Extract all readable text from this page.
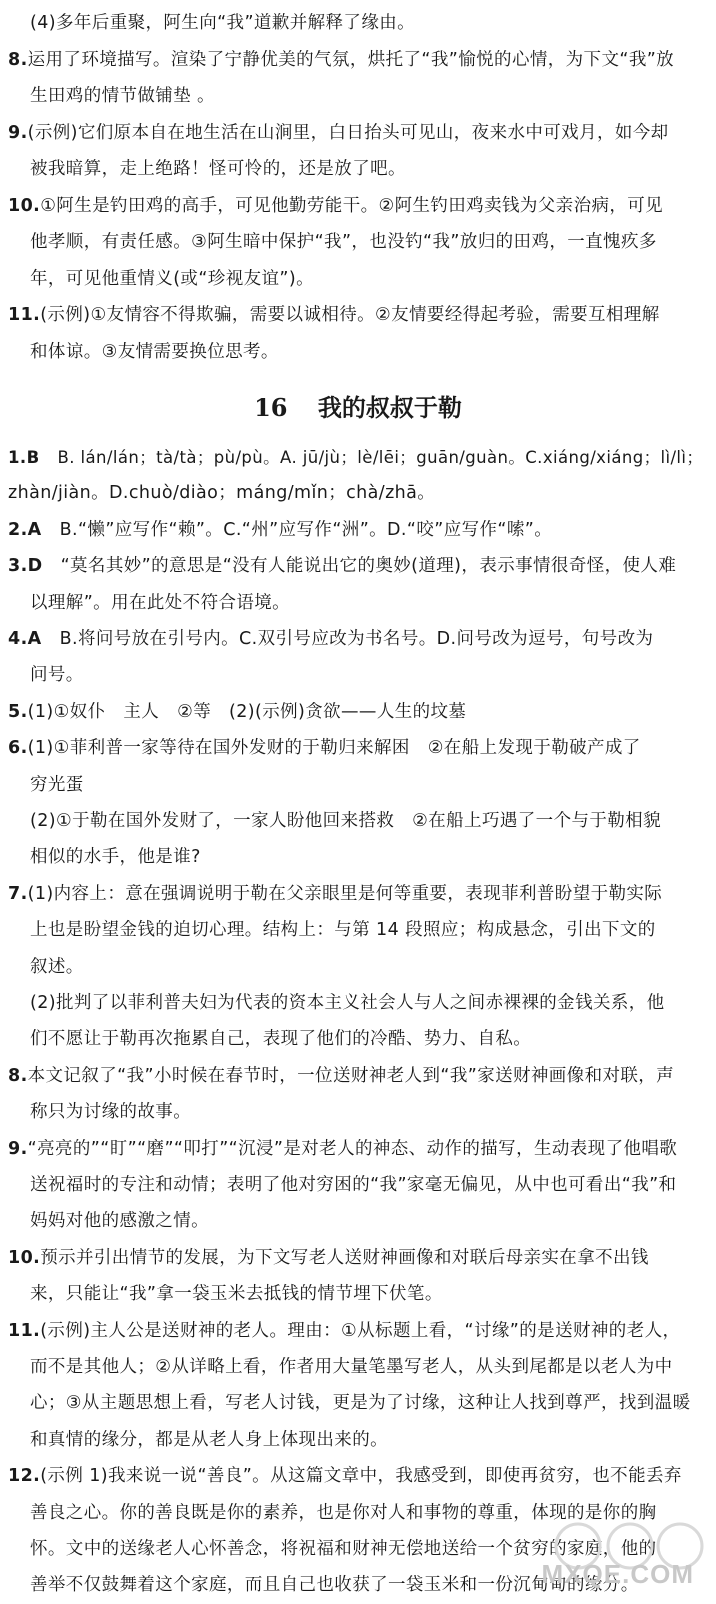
16 我的叔叔于勒

(4)多年后重聚，阿生向“我”道歉并解释了缘由。

8.运用了环境描写。渲染了宁静优美的气氛，烘托了“我”愉悦的心情，为下文“我”放

生田鸡的情节做铺垫 。

9.(示例)它们原本自在地生活在山涧里，白日抬头可见山，夜来水中可戏月，如今却

被我暗算，走上绝路！怪可怜的，还是放了吧。

10.①阿生是钓田鸡的高手，可见他勤劳能干。②阿生钓田鸡卖钱为父亲治病，可见

他孝顺，有责任感。③阿生暗中保护“我”，也没钓“我”放归的田鸡，一直愧疚多

年，可见他重情义(或“珍视友谊”)。

11.(示例)①友情容不得欺骗，需要以诚相待。②友情要经得起考验，需要互相理解

和体谅。③友情需要换位思考。

1.B B. lán/lán；tà/tà；pù/pù。A. jū/jù；lè/lēi；guān/guàn。C.xiáng/xiáng；lì/lì；

zhàn/jiàn。D.chuò/diào；máng/mǐn；chà/zhā。

2.A B.“懒”应写作“赖”。C.“州”应写作“洲”。D.“咬”应写作“嗦”。

3.D “莫名其妙”的意思是“没有人能说出它的奥妙(道理)，表示事情很奇怪，使人难

以理解”。用在此处不符合语境。

4.A B.将问号放在引号内。C.双引号应改为书名号。D.问号改为逗号，句号改为

问号。

5.(1)①奴仆　主人　②等　(2)(示例)贪欲——人生的坟墓

6.(1)①菲利普一家等待在国外发财的于勒归来解困　②在船上发现于勒破产成了

穷光蛋

(2)①于勒在国外发财了，一家人盼他回来搭救　②在船上巧遇了一个与于勒相貌

相似的水手，他是谁?

7.(1)内容上：意在强调说明于勒在父亲眼里是何等重要，表现菲利普盼望于勒实际

上也是盼望金钱的迫切心理。结构上：与第 14 段照应；构成悬念，引出下文的

叙述。

(2)批判了以菲利普夫妇为代表的资本主义社会人与人之间赤裸裸的金钱关系，他

们不愿让于勒再次拖累自己，表现了他们的冷酷、势力、自私。

8.本文记叙了“我”小时候在春节时，一位送财神老人到“我”家送财神画像和对联，声

称只为讨缘的故事。

9.“亮亮的”“盯”“磨”“叩打”“沉浸”是对老人的神态、动作的描写，生动表现了他唱歌

送祝福时的专注和动情；表明了他对穷困的“我”家毫无偏见，从中也可看出“我”和

妈妈对他的感激之情。

10.预示并引出情节的发展，为下文写老人送财神画像和对联后母亲实在拿不出钱

来，只能让“我”拿一袋玉米去抵钱的情节埋下伏笔。

11.(示例)主人公是送财神的老人。理由：①从标题上看，“讨缘”的是送财神的老人，

而不是其他人；②从详略上看，作者用大量笔墨写老人，从头到尾都是以老人为中

心；③从主题思想上看，写老人讨钱，更是为了讨缘，这种让人找到尊严，找到温暖

和真情的缘分，都是从老人身上体现出来的。

12.(示例 1)我来说一说“善良”。从这篇文章中，我感受到，即使再贫穷，也不能丢弃

善良之心。你的善良既是你的素养，也是你对人和事物的尊重，体现的是你的胸

怀。文中的送缘老人心怀善念，将祝福和财神无偿地送给一个贫穷的家庭，他的

善举不仅鼓舞着这个家庭，而且自己也收获了一袋玉米和一份沉甸甸的缘分。

MXQE.COM
